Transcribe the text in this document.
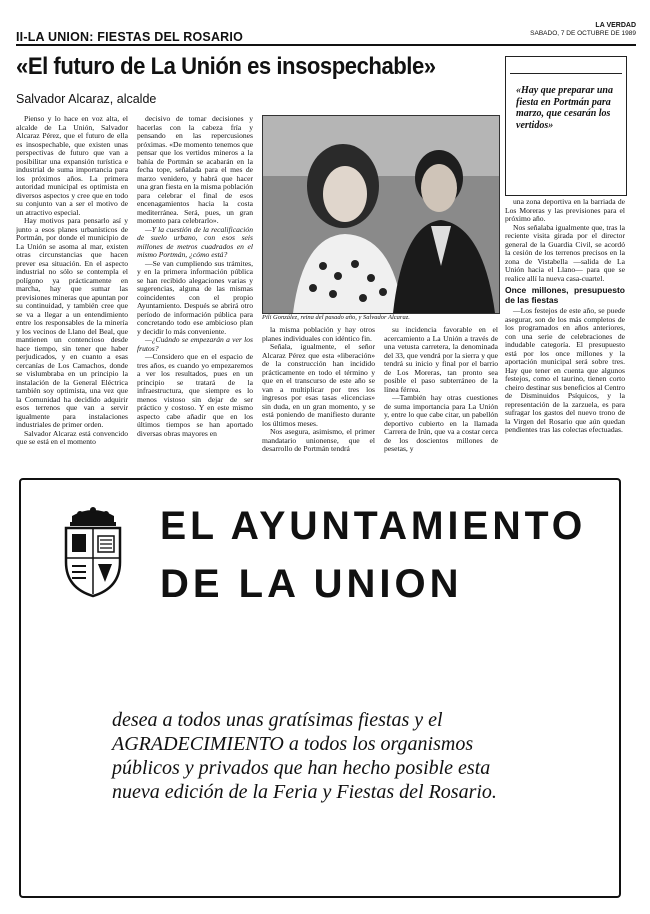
II-LA UNION: FIESTAS DEL ROSARIO
LA VERDAD
SABADO, 7 DE OCTUBRE DE 1989
«El futuro de La Unión es insospechable»
Salvador Alcaraz, alcalde
«Hay que preparar una fiesta en Portmán para marzo, que cesarán los vertidos»

Pienso y lo hace en voz alta, el alcalde de La Unión, Salvador Alcaraz Pérez, que el futuro de ella es insospechable, que existen unas perspectivas de futuro que van a posibilitar una expansión turística e industrial de suma importancia para los próximos años. La primera autoridad municipal es optimista en diversos aspectos y cree que en todo su conjunto van a ser el motivo de un atractivo especial.

Hay motivos para pensarlo así y junto a esos planes urbanísticos de Portmán, por donde el municipio de La Unión se asoma al mar, existen otras circunstancias que hacen prever esa situación. En el aspecto industrial no sólo se contempla el polígono ya prácticamente en marcha, hay que sumar las previsiones mineras que apuntan por su continuidad, y también cree que se va a llegar a un entendimiento entre los responsables de la minería y los vecinos de Llano del Beal, que mantienen un contencioso desde hace tiempo, sin tener que haber perjudicados, y en cuanto a esas cercanías de Los Camachos, donde se vislumbraba en un principio la instalación de la General Eléctrica también soy optimista, una vez que la Comunidad ha decidido adquirir esos terrenos que van a servir igualmente para instalaciones industriales de primer orden.

Salvador Alcaraz está convencido que se está en el momento

decisivo de tomar decisiones y hacerlas con la cabeza fría y pensando en las repercusiones próximas. «De momento tenemos que pensar que los vertidos mineros a la bahía de Portmán se acabarán en la fecha tope, señalada para el mes de marzo venidero, y habrá que hacer una gran fiesta en la misma población para celebrar el final de esos encenagamientos hacia la costa mediterránea. Será, pues, un gran momento para celebrarlo».

—Y la cuestión de la recalificación de suelo urbano, con esos seis millones de metros cuadrados en el mismo Portmán, ¿cómo está?

—Se van cumpliendo sus trámites, y en la primera información pública se han recibido alegaciones varias y sugerencias, alguna de las mismas coincidentes con el propio Ayuntamiento. Después se abrirá otro período de información pública para concretando todo ese ambicioso plan y decidir lo más conveniente.

—¿Cuándo se empezarán a ver los frutos?

—Considero que en el espacio de tres años, es cuando yo empezaremos a ver los resultados, pues en un principio se tratará de la infraestructura, que siempre es lo menos vistoso sin dejar de ser práctico y costoso. Y en este mismo aspecto cabe añadir que en los últimos tiempos se han aportado diversas obras mayores en

Pili González, reina del pasado año, y Salvador Alcaraz.

la misma población y hay otros planes individuales con idéntico fin.

Señala, igualmente, el señor Alcaraz Pérez que esta «liberación» de la construcción han incidido prácticamente en todo el término y que en el transcurso de este año se van a multiplicar por tres los ingresos por esas tasas «licencias» sin duda, en un gran momento, y se está poniendo de manifiesto durante los últimos meses.

Nos asegura, asimismo, el primer mandatario unionense, que el desarrollo de Portmán tendrá

su incidencia favorable en el acercamiento a La Unión a través de una vetusta carretera, la denominada del 33, que vendrá por la sierra y que tendrá su inicio y final por el barrio de Los Moreras, tan pronto sea posible el paso subterráneo de la línea férrea.

—También hay otras cuestiones de suma importancia para La Unión y, entre lo que cabe citar, un pabellón deportivo cubierto en la llamada Carrera de Irún, que va a costar cerca de los doscientos millones de pesetas, y

una zona deportiva en la barriada de Los Moreras y las previsiones para el próximo año.

Nos señalaba igualmente que, tras la reciente visita girada por el director general de la Guardia Civil, se acordó la cesión de los terrenos precisos en la zona de Vistabella —salida de La Unión hacia el Llano— para que se realice allí la nueva casa-cuartel.

Once millones, presupuesto de las fiestas

—Los festejos de este año, se puede asegurar, son de los más completos de los programados en años anteriores, con una serie de celebraciones de indudable categoría. El presupuesto está por los once millones y la aportación municipal será sobre tres. Hay que tener en cuenta que algunos festejos, como el taurino, tienen corto cheiro destinar sus beneficios al Centro de Disminuidos Psíquicos, y la representación de la zarzuela, es para sufragar los gastos del nuevo trono de la Virgen del Rosario que aún quedan pendientes tras las colectas efectuadas.

EL AYUNTAMIENTO
DE LA UNION
desea a todos unas gratísimas fiestas y el AGRADECIMIENTO a todos los organismos públicos y privados que han hecho posible esta nueva edición de la Feria y Fiestas del Rosario.
